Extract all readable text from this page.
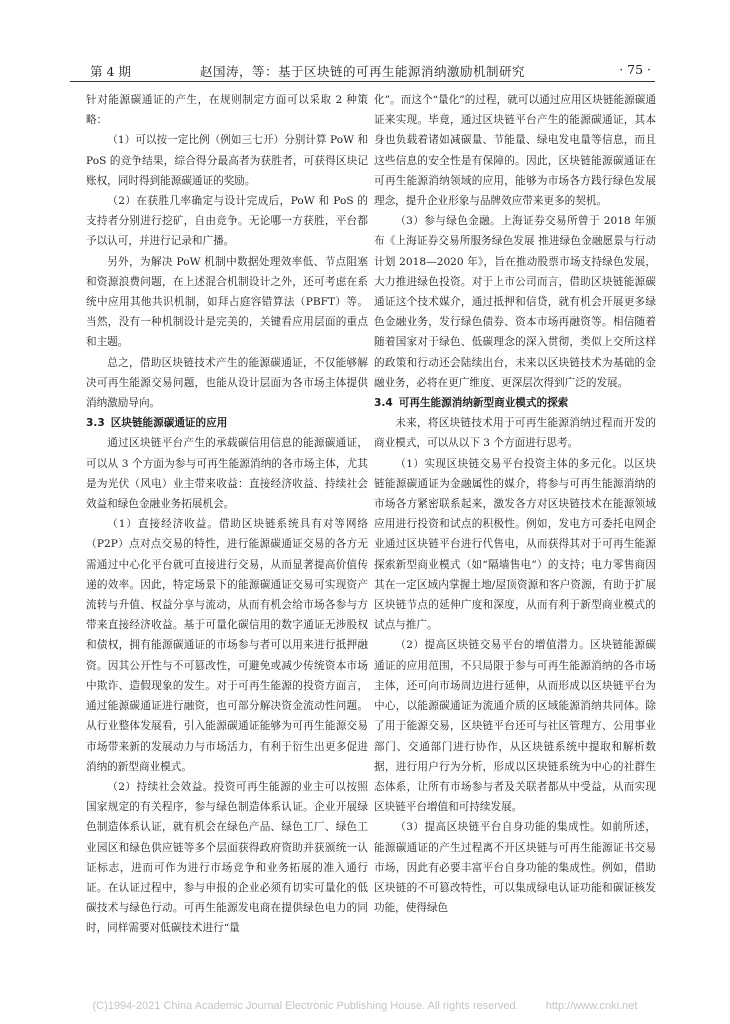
第 4 期	赵国涛，等：基于区块链的可再生能源消纳激励机制研究	· 75 ·

针对能源碳通证的产生，在规则制定方面可以采取 2 种策略：

（1）可以按一定比例（例如三七开）分别计算 PoW 和 PoS 的竞争结果，综合得分最高者为获胜者，可获得区块记账权，同时得到能源碳通证的奖励。

（2）在获胜几率确定与设计完成后，PoW 和 PoS 的支持者分别进行挖矿，自由竞争。无论哪一方获胜，平台都予以认可，并进行记录和广播。

另外，为解决 PoW 机制中数据处理效率低、节点阻塞和资源浪费问题，在上述混合机制设计之外，还可考虑在系统中应用其他共识机制，如拜占庭容错算法（PBFT）等。当然，没有一种机制设计是完美的，关键看应用层面的重点和主题。

总之，借助区块链技术产生的能源碳通证，不仅能够解决可再生能源交易问题，也能从设计层面为各市场主体提供消纳激励导向。

3.3 区块链能源碳通证的应用

通过区块链平台产生的承载碳信用信息的能源碳通证，可以从 3 个方面为参与可再生能源消纳的各市场主体，尤其是为光伏（风电）业主带来收益：直接经济收益、持续社会效益和绿色金融业务拓展机会。

（1）直接经济收益。借助区块链系统具有对等网络（P2P）点对点交易的特性，进行能源碳通证交易的各方无需通过中心化平台就可直接进行交易，从而显著提高价值传递的效率。因此，特定场景下的能源碳通证交易可实现资产流转与升值、权益分享与流动，从而有机会给市场各参与方带来直接经济收益。基于可量化碳信用的数字通证无涉股权和债权，拥有能源碳通证的市场参与者可以用来进行抵押融资。因其公开性与不可篡改性，可避免或减少传统资本市场中欺诈、造假现象的发生。对于可再生能源的投资方面言，通过能源碳通证进行融资，也可部分解决资金流动性问题。从行业整体发展看，引入能源碳通证能够为可再生能源交易市场带来新的发展动力与市场活力，有利于衍生出更多促进消纳的新型商业模式。

（2）持续社会效益。投资可再生能源的业主可以按照国家规定的有关程序，参与绿色制造体系认证。企业开展绿色制造体系认证，就有机会在绿色产品、绿色工厂、绿色工业园区和绿色供应链等多个层面获得政府资助并获颁统一认证标志，进而可作为进行市场竞争和业务拓展的准入通行证。在认证过程中，参与申报的企业必须有切实可量化的低碳技术与绿色行动。可再生能源发电商在提供绿色电力的同时，同样需要对低碳技术进行“量

化”。而这个“量化”的过程，就可以通过应用区块链能源碳通证来实现。毕竟，通过区块链平台产生的能源碳通证，其本身也负载着诸如减碳量、节能量、绿电发电量等信息，而且这些信息的安全性是有保障的。因此，区块链能源碳通证在可再生能源消纳领域的应用，能够为市场各方践行绿色发展理念，提升企业形象与品牌效应带来更多的契机。

（3）参与绿色金融。上海证券交易所曾于 2018 年颁布《上海证券交易所服务绿色发展 推进绿色金融愿景与行动计划 2018—2020 年》，旨在推动股票市场支持绿色发展，大力推进绿色投资。对于上市公司而言，借助区块链能源碳通证这个技术媒介，通过抵押和信贷，就有机会开展更多绿色金融业务，发行绿色债券、资本市场再融资等。相信随着随着国家对于绿色、低碳理念的深入贯彻，类似上交所这样的政策和行动还会陆续出台，未来以区块链技术为基础的金融业务，必将在更广维度、更深层次得到广泛的发展。

3.4 可再生能源消纳新型商业模式的探索

未来，将区块链技术用于可再生能源消纳过程而开发的商业模式，可以从以下 3 个方面进行思考。

（1）实现区块链交易平台投资主体的多元化。以区块链能源碳通证为金融属性的媒介，将参与可再生能源消纳的市场各方紧密联系起来，激发各方对区块链技术在能源领域应用进行投资和试点的积极性。例如，发电方可委托电网企业通过区块链平台进行代售电，从而获得其对于可再生能源探索新型商业模式（如“隔墙售电”）的支持；电力零售商因其在一定区域内掌握土地/屋顶资源和客户资源，有助于扩展区块链节点的延伸广度和深度，从而有利于新型商业模式的试点与推广。

（2）提高区块链交易平台的增值潜力。区块链能源碳通证的应用范围，不只局限于参与可再生能源消纳的各市场主体，还可向市场周边进行延伸，从而形成以区块链平台为中心，以能源碳通证为流通介质的区域能源消纳共同体。除了用于能源交易，区块链平台还可与社区管理方、公用事业部门、交通部门进行协作，从区块链系统中提取和解析数据，进行用户行为分析，形成以区块链系统为中心的社群生态体系，让所有市场参与者及关联者都从中受益，从而实现区块链平台增值和可持续发展。

（3）提高区块链平台自身功能的集成性。如前所述，能源碳通证的产生过程离不开区块链与可再生能源证书交易市场，因此有必要丰富平台自身功能的集成性。例如，借助区块链的不可篡改特性，可以集成绿电认证功能和碳证核发功能，使得绿色

(C)1994-2021 China Academic Journal Electronic Publishing House. All rights reserved. http://www.cnki.net
